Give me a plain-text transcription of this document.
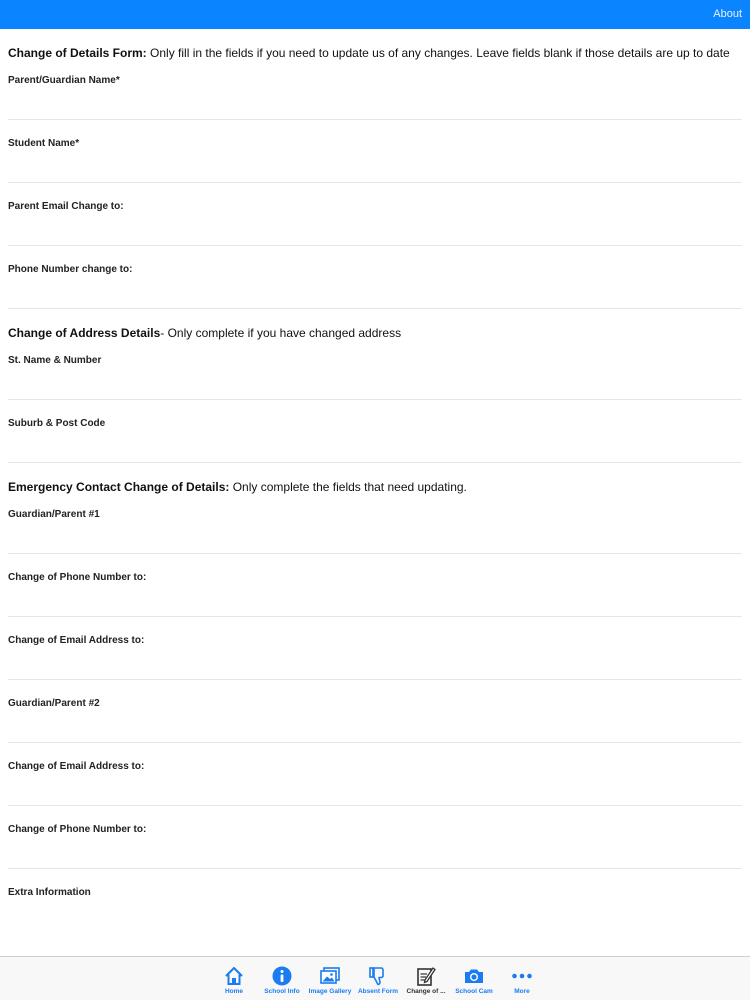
About
Change of Details Form: Only fill in the fields if you need to update us of any changes. Leave fields blank if those details are up to date
Parent/Guardian Name*
Student Name*
Parent Email Change to:
Phone Number change to:
Change of Address Details- Only complete if you have changed address
St. Name & Number
Suburb & Post Code
Emergency Contact Change of Details: Only complete the fields that need updating.
Guardian/Parent #1
Change of Phone Number to:
Change of Email Address to:
Guardian/Parent #2
Change of Email Address to:
Change of Phone Number to:
Extra Information
Home	School Info	Image Gallery	Absent Form	Change of ...	School Cam	More
